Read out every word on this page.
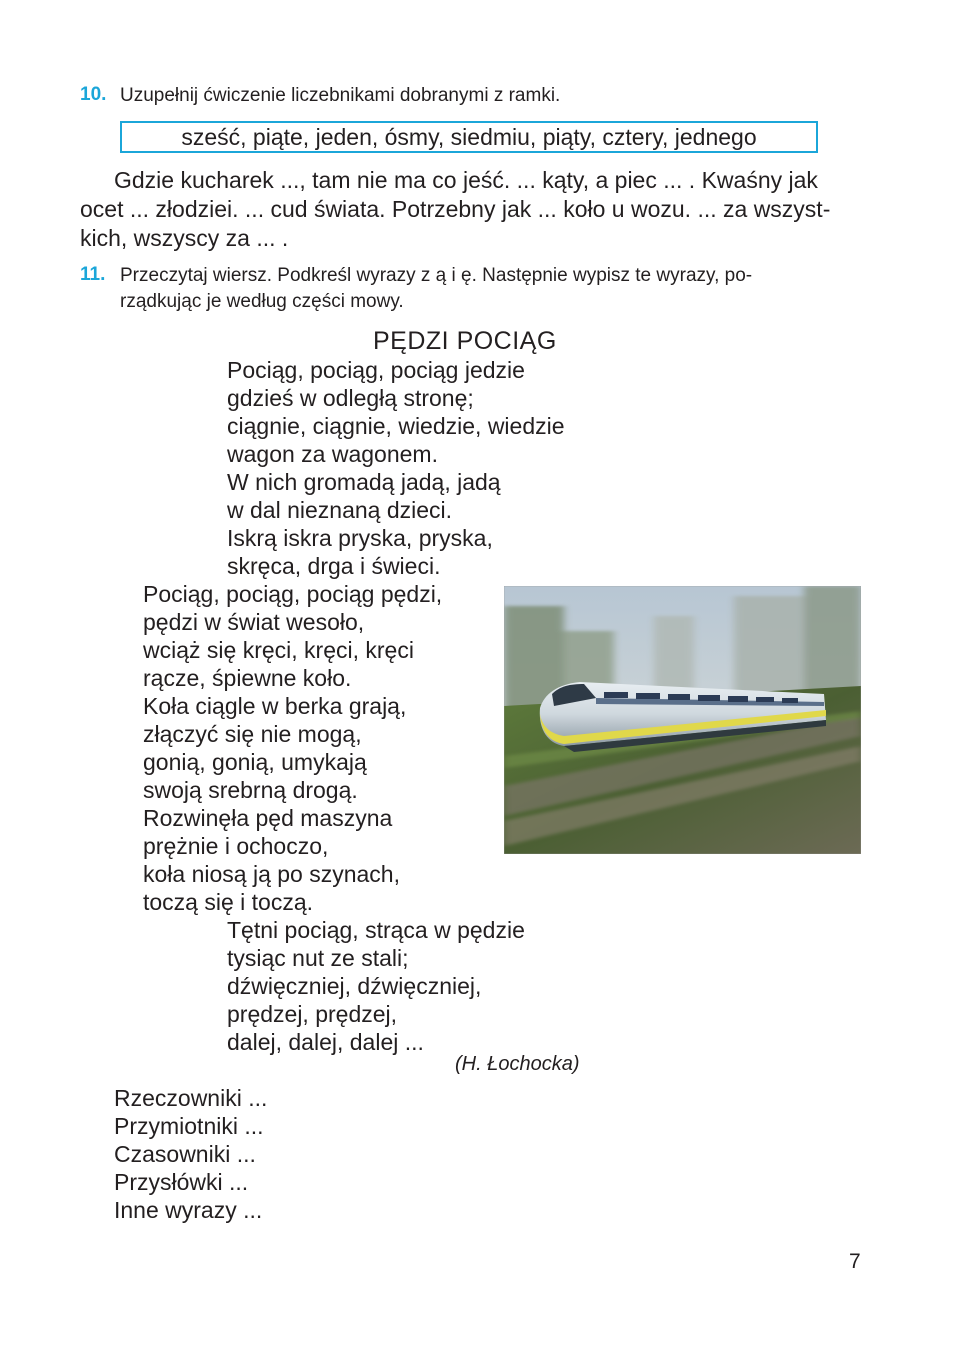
10. Uzupełnij ćwiczenie liczebnikami dobranymi z ramki.
sześć, piąte, jeden, ósmy, siedmiu, piąty, cztery, jednego
Gdzie kucharek ..., tam nie ma co jeść. ... kąty, a piec ... . Kwaśny jak
ocet ... złodziei. ... cud świata. Potrzebny jak ... koło u wozu. ... za wszyst-
kich, wszyscy za ... .
11. Przeczytaj wiersz. Podkreśl wyrazy z ą i ę. Następnie wypisz te wyrazy, po-
rządkując je według części mowy.
PĘDZI POCIĄG
Pociąg, pociąg, pociąg jedzie
gdzieś w odległą stronę;
ciągnie, ciągnie, wiedzie, wiedzie
wagon za wagonem.
W nich gromadą jadą, jadą
w dal nieznaną dzieci.
Iskrą iskra pryska, pryska,
skręca, drga i świeci.
Pociąg, pociąg, pociąg pędzi,
pędzi w świat wesoło,
wciąż się kręci, kręci, kręci
rącze, śpiewne koło.
Koła ciągle w berka grają,
złączyć się nie mogą,
gonią, gonią, umykają
swoją srebrną drogą.
Rozwinęła pęd maszyna
prężnie i ochoczo,
koła niosą ją po szynach,
toczą się i toczą.
Tętni pociąg, strąca w pędzie
tysiąc nut ze stali;
dźwięczniej, dźwięczniej,
prędzej, prędzej,
dalej, dalej, dalej ...
(H. Łochocka)
Rzeczowniki ...
Przymiotniki ...
Czasowniki ...
Przysłówki ...
Inne wyrazy ...
7
